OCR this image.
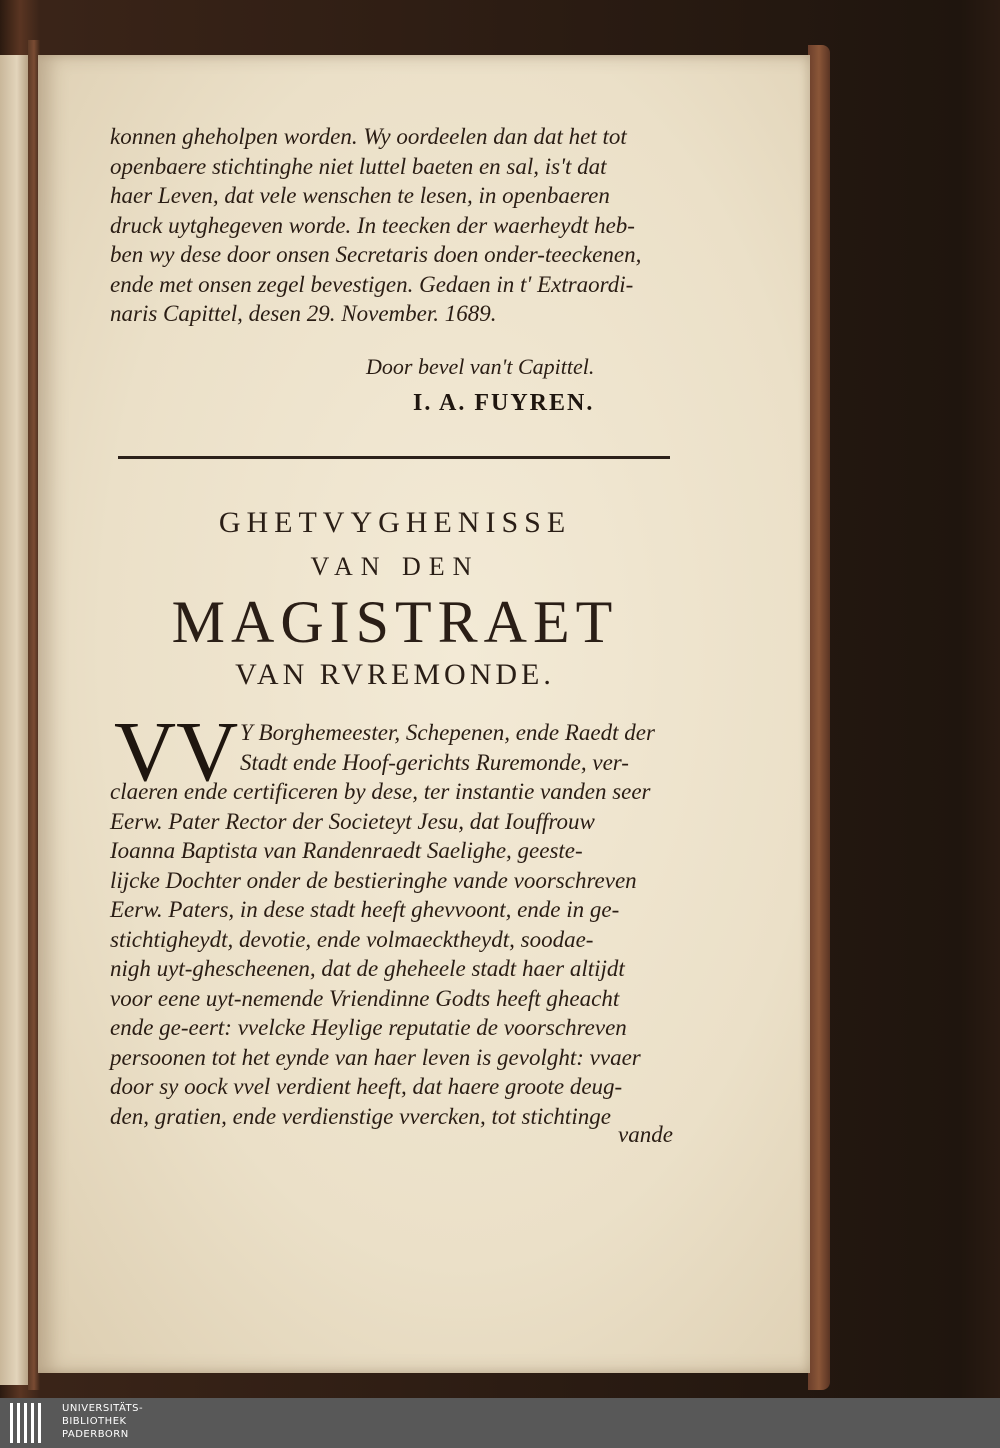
konnen gheholpen worden. Wy oordeelen dan dat het tot
openbaere stichtinghe niet luttel baeten en sal, is't dat
haer Leven, dat vele wenschen te lesen, in openbaeren
druck uytghegeven worde. In teecken der waerheydt heb-
ben wy dese door onsen Secretaris doen onder-teeckenen,
ende met onsen zegel bevestigen. Gedaen in t' Extraordi-
naris Capittel, desen 29. November. 1689.
Door bevel van't Capittel.
I. A. FUYREN.
GHETVYGHENISSE
VAN DEN
MAGISTRAET
VAN RVREMONDE.
VV Y Borghemeester, Schepenen, ende Raedt der
Stadt ende Hoof-gerichts Ruremonde, ver-
claeren ende certificeren by dese, ter instantie vanden seer
Eerw. Pater Rector der Societeyt Jesu, dat Iouffrouw
Ioanna Baptista van Randenraedt Saelighe, geeste-
lijcke Dochter onder de bestieringhe vande voorschreven
Eerw. Paters, in dese stadt heeft ghevvoont, ende in ge-
stichtigheydt, devotie, ende volmaecktheydt, soodae-
nigh uyt-ghescheenen, dat de gheheele stadt haer altijdt
voor eene uyt-nemende Vriendinne Godts heeft gheacht
ende ge-eert: vvelcke Heylige reputatie de voorschreven
persoonen tot het eynde van haer leven is gevolght: vvaer
door sy oock vvel verdient heeft, dat haere groote deug-
den, gratien, ende verdienstige vvercken, tot stichtinge
vande
UNIVERSITÄTS-
BIBLIOTHEK
PADERBORN
